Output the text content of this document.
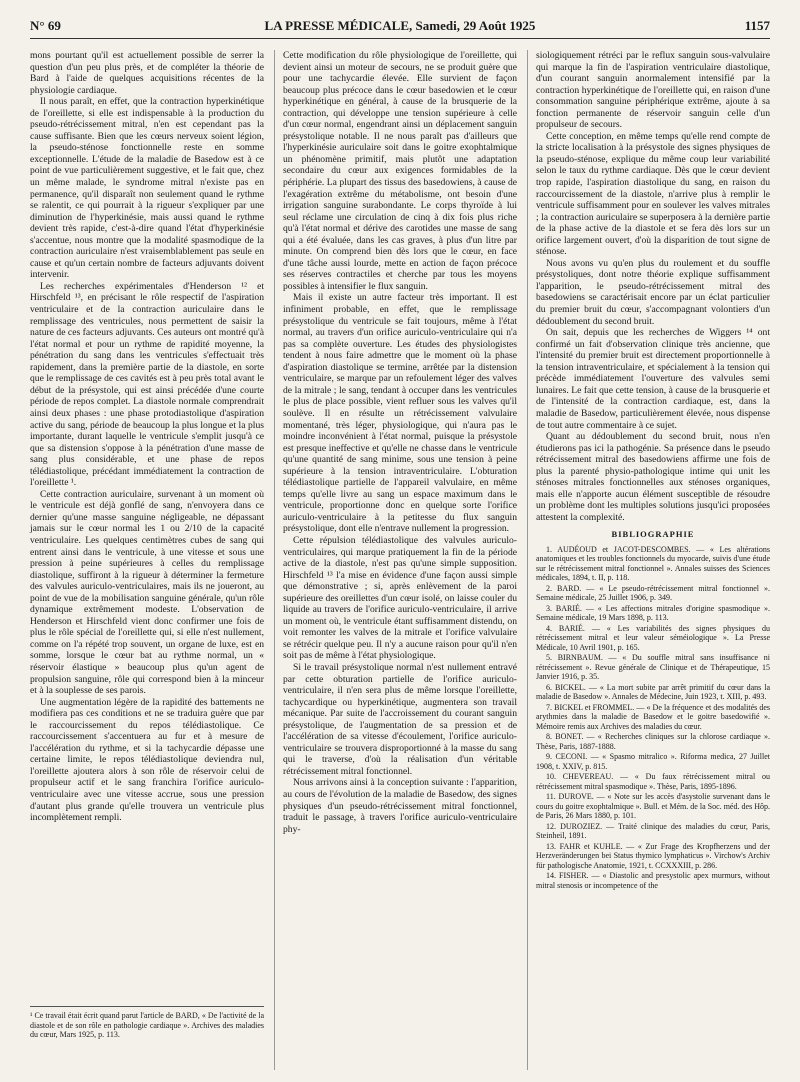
N° 69	LA PRESSE MÉDICALE, Samedi, 29 Août 1925	1157

mons pourtant qu'il est actuellement possible de serrer la question d'un peu plus près, et de compléter la théorie de Bard à l'aide de quelques acquisitions récentes de la physiologie cardiaque.

Il nous paraît, en effet, que la contraction hyperkinétique de l'oreillette, si elle est indispensable à la production du pseudo-rétrécissement mitral, n'en est cependant pas la cause suffisante. Bien que les cœurs nerveux soient légion, la pseudo-sténose fonctionnelle reste en somme exceptionnelle. L'étude de la maladie de Basedow est à ce point de vue particulièrement suggestive, et le fait que, chez un même malade, le syndrome mitral n'existe pas en permanence, qu'il disparaît non seulement quand le rythme se ralentit, ce qui pourrait à la rigueur s'expliquer par une diminution de l'hyperkinésie, mais aussi quand le rythme devient très rapide, c'est-à-dire quand l'état d'hyperkinésie s'accentue, nous montre que la modalité spasmodique de la contraction auriculaire n'est vraisemblablement pas seule en cause et qu'un certain nombre de facteurs adjuvants doivent intervenir.

Les recherches expérimentales d'Henderson ¹² et Hirschfeld ¹³, en précisant le rôle respectif de l'aspiration ventriculaire et de la contraction auriculaire dans le remplissage des ventricules, nous permettent de saisir la nature de ces facteurs adjuvants. Ces auteurs ont montré qu'à l'état normal et pour un rythme de rapidité moyenne, la pénétration du sang dans les ventricules s'effectuait très rapidement, dans la première partie de la diastole, en sorte que le remplissage de ces cavités est à peu près total avant le début de la présystole, qui est ainsi précédée d'une courte période de repos complet. La diastole normale comprendrait ainsi deux phases : une phase protodiastolique d'aspiration active du sang, période de beaucoup la plus longue et la plus importante, durant laquelle le ventricule s'emplit jusqu'à ce que sa distension s'oppose à la pénétration d'une masse de sang plus considérable, et une phase de repos télédiastolique, précédant immédiatement la contraction de l'oreillette ¹.

Cette contraction auriculaire, survenant à un moment où le ventricule est déjà gonflé de sang, n'envoyera dans ce dernier qu'une masse sanguine négligeable, ne dépassant jamais sur le cœur normal les 1 ou 2/10 de la capacité ventriculaire. Les quelques centimètres cubes de sang qui entrent ainsi dans le ventricule, à une vitesse et sous une pression à peine supérieures à celles du remplissage diastolique, suffiront à la rigueur à déterminer la fermeture des valvules auriculo-ventriculaires, mais ils ne joueront, au point de vue de la mobilisation sanguine générale, qu'un rôle dynamique extrêmement modeste. L'observation de Henderson et Hirschfeld vient donc confirmer une fois de plus le rôle spécial de l'oreillette qui, si elle n'est nullement, comme on l'a répété trop souvent, un organe de luxe, est en somme, lorsque le cœur bat au rythme normal, un « réservoir élastique » beaucoup plus qu'un agent de propulsion sanguine, rôle qui correspond bien à la minceur et à la souplesse de ses parois.

Une augmentation légère de la rapidité des battements ne modifiera pas ces conditions et ne se traduira guère que par le raccourcissement du repos télédiastolique. Ce raccourcissement s'accentuera au fur et à mesure de l'accélération du rythme, et si la tachycardie dépasse une certaine limite, le repos télédiastolique deviendra nul, l'oreillette ajoutera alors à son rôle de réservoir celui de propulseur actif et le sang franchira l'orifice auriculo-ventriculaire avec une vitesse accrue, sous une pression d'autant plus grande qu'elle trouvera un ventricule plus incomplètement rempli.

¹ Ce travail était écrit quand parut l'article de BARD, « De l'activité de la diastole et de son rôle en pathologie cardiaque ». Archives des maladies du cœur, Mars 1925, p. 113.

Cette modification du rôle physiologique de l'oreillette, qui devient ainsi un moteur de secours, ne se produit guère que pour une tachycardie élevée. Elle survient de façon beaucoup plus précoce dans le cœur basedowien et le cœur hyperkinétique en général, à cause de la brusquerie de la contraction, qui développe une tension supérieure à celle d'un cœur normal, engendrant ainsi un déplacement sanguin présystolique notable. Il ne nous paraît pas d'ailleurs que l'hyperkinésie auriculaire soit dans le goitre exophtalmique un phénomène primitif, mais plutôt une adaptation secondaire du cœur aux exigences formidables de la périphérie. La plupart des tissus des basedowiens, à cause de l'exagération extrême du métabolisme, ont besoin d'une irrigation sanguine surabondante. Le corps thyroïde à lui seul réclame une circulation de cinq à dix fois plus riche qu'à l'état normal et dérive des carotides une masse de sang qui a été évaluée, dans les cas graves, à plus d'un litre par minute. On comprend bien dès lors que le cœur, en face d'une tâche aussi lourde, mette en action de façon précoce ses réserves contractiles et cherche par tous les moyens possibles à intensifier le flux sanguin.

Mais il existe un autre facteur très important. Il est infiniment probable, en effet, que le remplissage présystolique du ventricule se fait toujours, même à l'état normal, au travers d'un orifice auriculo-ventriculaire qui n'a pas sa complète ouverture. Les études des physiologistes tendent à nous faire admettre que le moment où la phase d'aspiration diastolique se termine, arrêtée par la distension ventriculaire, se marque par un refoulement léger des valves de la mitrale ; le sang, tendant à occuper dans les ventricules le plus de place possible, vient refluer sous les valves qu'il soulève. Il en résulte un rétrécissement valvulaire momentané, très léger, physiologique, qui n'aura pas le moindre inconvénient à l'état normal, puisque la présystole est presque ineffective et qu'elle ne chasse dans le ventricule qu'une quantité de sang minime, sous une tension à peine supérieure à la tension intraventriculaire. L'obturation télédiastolique partielle de l'appareil valvulaire, en même temps qu'elle livre au sang un espace maximum dans le ventricule, proportionne donc en quelque sorte l'orifice auriculo-ventriculaire à la petitesse du flux sanguin présystolique, dont elle n'entrave nullement la progression.

Cette répulsion télédiastolique des valvules auriculo-ventriculaires, qui marque pratiquement la fin de la période active de la diastole, n'est pas qu'une simple supposition. Hirschfeld ¹³ l'a mise en évidence d'une façon aussi simple que démonstrative ; si, après enlèvement de la paroi supérieure des oreillettes d'un cœur isolé, on laisse couler du liquide au travers de l'orifice auriculo-ventriculaire, il arrive un moment où, le ventricule étant suffisamment distendu, on voit remonter les valves de la mitrale et l'orifice valvulaire se rétrécir quelque peu. Il n'y a aucune raison pour qu'il n'en soit pas de même à l'état physiologique.

Si le travail présystolique normal n'est nullement entravé par cette obturation partielle de l'orifice auriculo-ventriculaire, il n'en sera plus de même lorsque l'oreillette, tachycardique ou hyperkinétique, augmentera son travail mécanique. Par suite de l'accroissement du courant sanguin présystolique, de l'augmentation de sa pression et de l'accélération de sa vitesse d'écoulement, l'orifice auriculo-ventriculaire se trouvera disproportionné à la masse du sang qui le traverse, d'où la réalisation d'un véritable rétrécissement mitral fonctionnel.

Nous arrivons ainsi à la conception suivante : l'apparition, au cours de l'évolution de la maladie de Basedow, des signes physiques d'un pseudo-rétrécissement mitral fonctionnel, traduit le passage, à travers l'orifice auriculo-ventriculaire phy-

siologiquement rétréci par le reflux sanguin sous-valvulaire qui marque la fin de l'aspiration ventriculaire diastolique, d'un courant sanguin anormalement intensifié par la contraction hyperkinétique de l'oreillette qui, en raison d'une consommation sanguine périphérique extrême, ajoute à sa fonction permanente de réservoir sanguin celle d'un propulseur de secours.

Cette conception, en même temps qu'elle rend compte de la stricte localisation à la présystole des signes physiques de la pseudo-sténose, explique du même coup leur variabilité selon le taux du rythme cardiaque. Dès que le cœur devient trop rapide, l'aspiration diastolique du sang, en raison du raccourcissement de la diastole, n'arrive plus à remplir le ventricule suffisamment pour en soulever les valves mitrales ; la contraction auriculaire se superposera à la dernière partie de la phase active de la diastole et se fera dès lors sur un orifice largement ouvert, d'où la disparition de tout signe de sténose.

Nous avons vu qu'en plus du roulement et du souffle présystoliques, dont notre théorie explique suffisamment l'apparition, le pseudo-rétrécissement mitral des basedowiens se caractérisait encore par un éclat particulier du premier bruit du cœur, s'accompagnant volontiers d'un dédoublement du second bruit.

On sait, depuis que les recherches de Wiggers ¹⁴ ont confirmé un fait d'observation clinique très ancienne, que l'intensité du premier bruit est directement proportionnelle à la tension intraventriculaire, et spécialement à la tension qui précède immédiatement l'ouverture des valvules semi lunaires. Le fait que cette tension, à cause de la brusquerie et de l'intensité de la contraction cardiaque, est, dans la maladie de Basedow, particulièrement élevée, nous dispense de tout autre commentaire à ce sujet.

Quant au dédoublement du second bruit, nous n'en étudierons pas ici la pathogénie. Sa présence dans le pseudo rétrécissement mitral des basedowiens affirme une fois de plus la parenté physio-pathologique intime qui unit les sténoses mitrales fonctionnelles aux sténoses organiques, mais elle n'apporte aucun élément susceptible de résoudre un problème dont les multiples solutions jusqu'ici proposées attestent la complexité.

BIBLIOGRAPHIE
1. AUDÉOUD et JACOT-DESCOMBES. — « Les altérations anatomiques et les troubles fonctionnels du myocarde, suivis d'une étude sur le rétrécissement mitral fonctionnel ». Annales suisses des Sciences médicales, 1894, t. II, p. 118.
2. BARD. — « Le pseudo-rétrécissement mitral fonctionnel ». Semaine médicale, 25 Juillet 1906, p. 349.
3. BARIÉ. — « Les affections mitrales d'origine spasmodique ». Semaine médicale, 19 Mars 1898, p. 113.
4. BARIÉ. — « Les variabilités des signes physiques du rétrécissement mitral et leur valeur séméiologique ». La Presse Médicale, 10 Avril 1901, p. 165.
5. BIRNBAUM. — « Du souffle mitral sans insuffisance ni rétrécissement ». Revue générale de Clinique et de Thérapeutique, 15 Janvier 1916, p. 35.
6. BICKEL. — « La mort subite par arrêt primitif du cœur dans la maladie de Basedow ». Annales de Médecine, Juin 1923, t. XIII, p. 493.
7. BICKEL et FROMMEL. — « De la fréquence et des modalités des arythmies dans la maladie de Basedow et le goitre basedowifié ». Mémoire remis aux Archives des maladies du cœur.
8. BONET. — « Recherches cliniques sur la chlorose cardiaque ». Thèse, Paris, 1887-1888.
9. CECONI. — « Spasmo mitralico ». Riforma medica, 27 Juillet 1908, t. XXIV, p. 815.
10. CHEVEREAU. — « Du faux rétrécissement mitral ou rétrécissement mitral spasmodique ». Thèse, Paris, 1895-1896.
11. DUROVE. — « Note sur les accès d'asystolie survenant dans le cours du goitre exophtalmique ». Bull. et Mém. de la Soc. méd. des Hôp. de Paris, 26 Mars 1880, p. 101.
12. DUROZIEZ. — Traité clinique des maladies du cœur, Paris, Steinheil, 1891.
13. FAHR et KUHLE. — « Zur Frage des Kropfherzens und der Herzveränderungen bei Status thymico lymphaticus ». Virchow's Archiv für pathologische Anatomie, 1921, t. CCXXXIII, p. 286.
14. FISHER. — « Diastolic and presystolic apex murmurs, without mitral stenosis or incompetence of the
